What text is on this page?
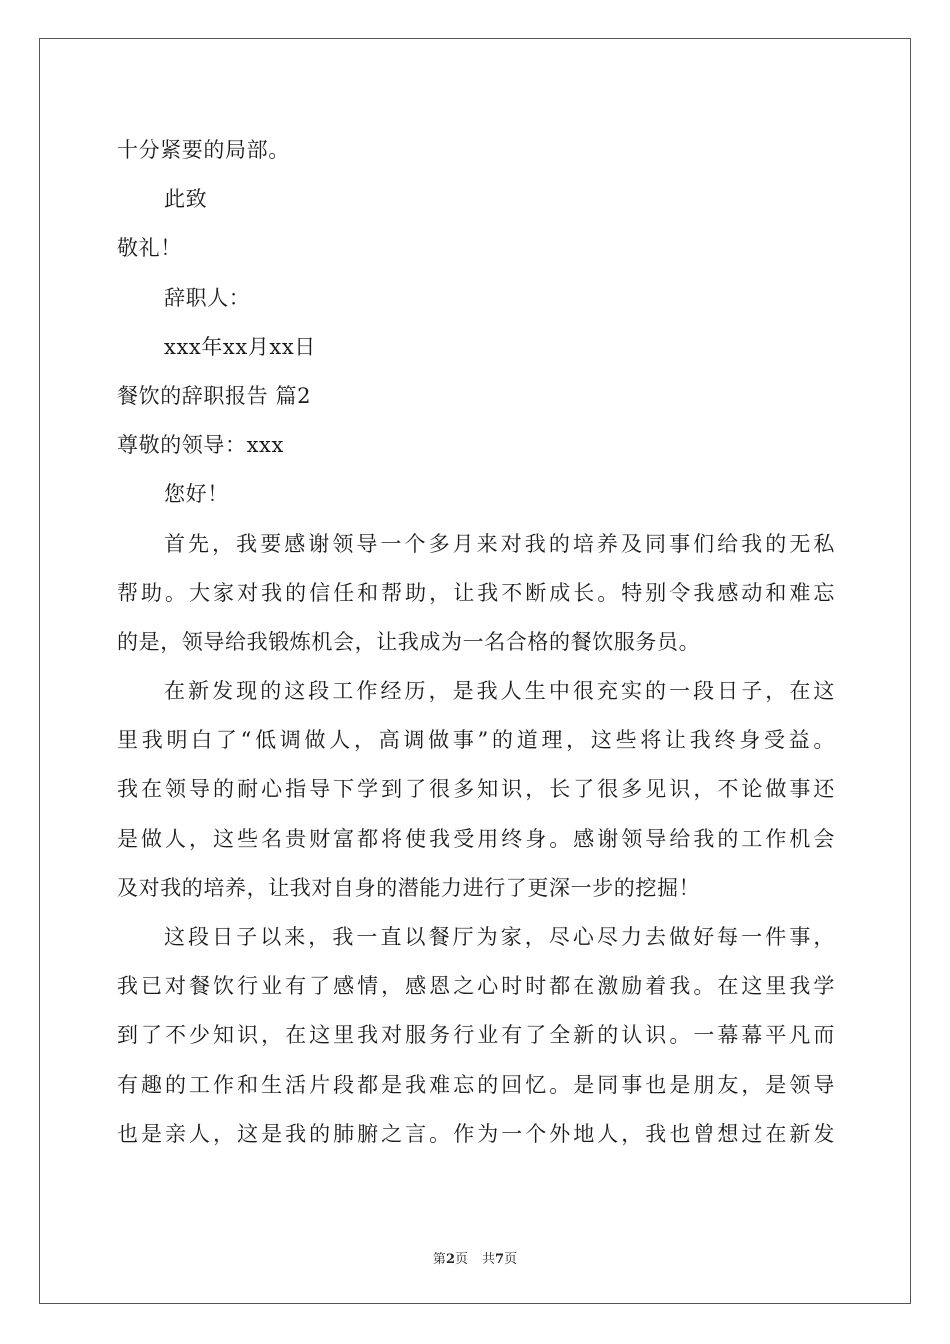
十分紧要的局部。
此致
敬礼！
辞职人：
xxx年xx月xx日
餐饮的辞职报告 篇2
尊敬的领导：xxx
您好！
首先，我要感谢领导一个多月来对我的培养及同事们给我的无私
帮助。大家对我的信任和帮助，让我不断成长。特别令我感动和难忘
的是，领导给我锻炼机会，让我成为一名合格的餐饮服务员。
在新发现的这段工作经历，是我人生中很充实的一段日子，在这
里我明白了“低调做人，高调做事”的道理，这些将让我终身受益。
我在领导的耐心指导下学到了很多知识，长了很多见识，不论做事还
是做人，这些名贵财富都将使我受用终身。感谢领导给我的工作机会
及对我的培养，让我对自身的潜能力进行了更深一步的挖掘！
这段日子以来，我一直以餐厅为家，尽心尽力去做好每一件事，
我已对餐饮行业有了感情，感恩之心时时都在激励着我。在这里我学
到了不少知识，在这里我对服务行业有了全新的认识。一幕幕平凡而
有趣的工作和生活片段都是我难忘的回忆。是同事也是朋友，是领导
也是亲人，这是我的肺腑之言。作为一个外地人，我也曾想过在新发
第2页 共7页
